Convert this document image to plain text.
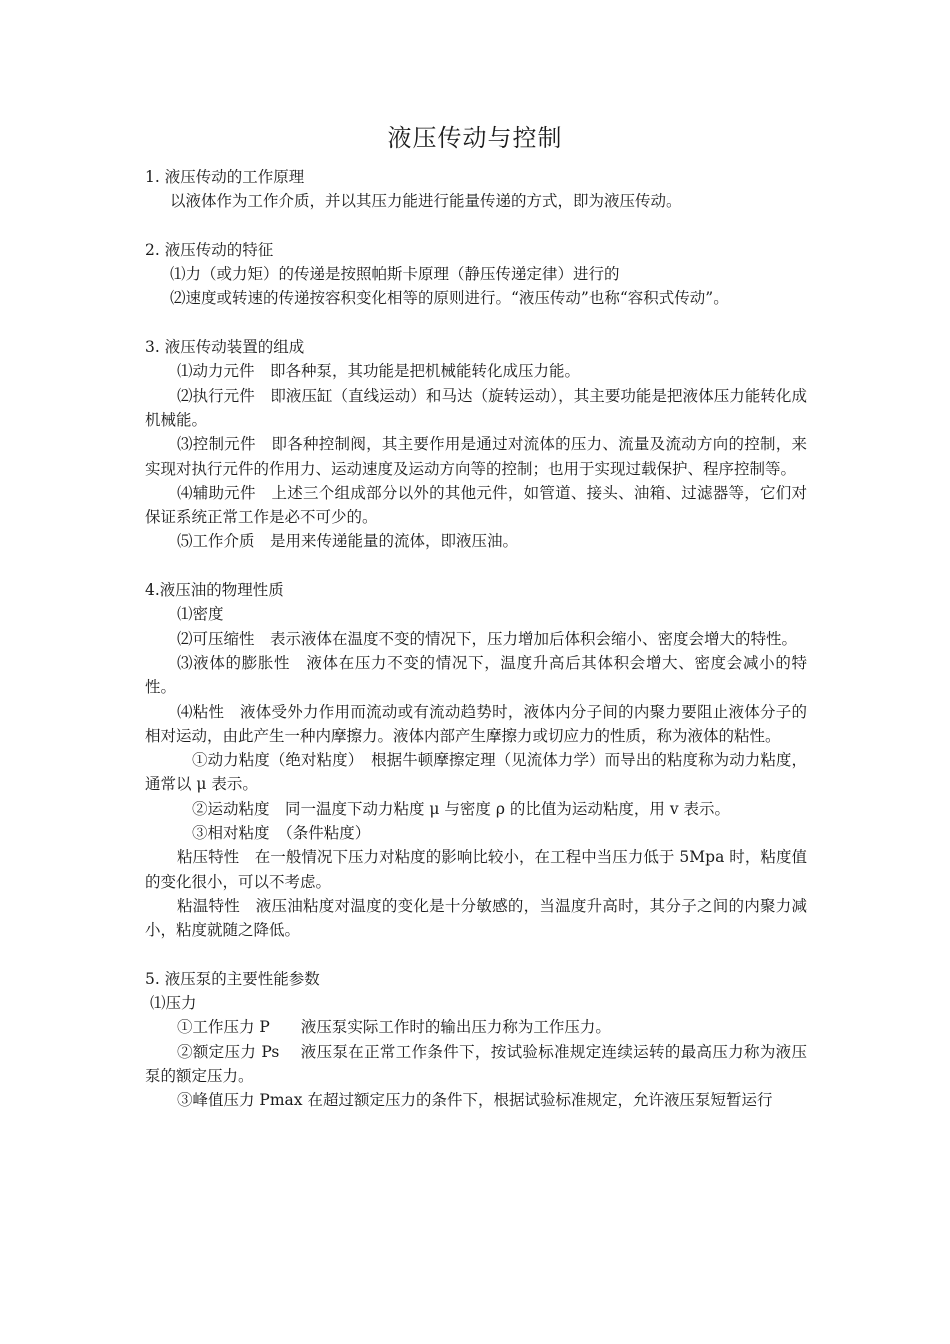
液压传动与控制

1. 液压传动的工作原理

以液体作为工作介质，并以其压力能进行能量传递的方式，即为液压传动。

2. 液压传动的特征

⑴力（或力矩）的传递是按照帕斯卡原理（静压传递定律）进行的

⑵速度或转速的传递按容积变化相等的原则进行。“液压传动”也称“容积式传动”。

3. 液压传动装置的组成

⑴动力元件　即各种泵，其功能是把机械能转化成压力能。

⑵执行元件　即液压缸（直线运动）和马达（旋转运动），其主要功能是把液体压力能转化成机械能。

⑶控制元件　即各种控制阀，其主要作用是通过对流体的压力、流量及流动方向的控制，来实现对执行元件的作用力、运动速度及运动方向等的控制；也用于实现过载保护、程序控制等。

⑷辅助元件　上述三个组成部分以外的其他元件，如管道、接头、油箱、过滤器等，它们对保证系统正常工作是必不可少的。

⑸工作介质　是用来传递能量的流体，即液压油。

4.液压油的物理性质

⑴密度

⑵可压缩性　表示液体在温度不变的情况下，压力增加后体积会缩小、密度会增大的特性。

⑶液体的膨胀性　液体在压力不变的情况下，温度升高后其体积会增大、密度会减小的特性。

⑷粘性　液体受外力作用而流动或有流动趋势时，液体内分子间的内聚力要阻止液体分子的相对运动，由此产生一种内摩擦力。液体内部产生摩擦力或切应力的性质，称为液体的粘性。

①动力粘度（绝对粘度）　根据牛顿摩擦定理（见流体力学）而导出的粘度称为动力粘度，通常以 μ 表示。

②运动粘度　同一温度下动力粘度 μ 与密度 ρ 的比值为运动粘度，用 v 表示。

③相对粘度　（条件粘度）

粘压特性　在一般情况下压力对粘度的影响比较小，在工程中当压力低于 5Mpa 时，粘度值的变化很小，可以不考虑。

粘温特性　液压油粘度对温度的变化是十分敏感的，当温度升高时，其分子之间的内聚力减小，粘度就随之降低。

5. 液压泵的主要性能参数

⑴压力

①工作压力 P　　液压泵实际工作时的输出压力称为工作压力。

②额定压力 Ps　 液压泵在正常工作条件下，按试验标准规定连续运转的最高压力称为液压泵的额定压力。

③峰值压力 Pmax 在超过额定压力的条件下，根据试验标准规定，允许液压泵短暂运行
